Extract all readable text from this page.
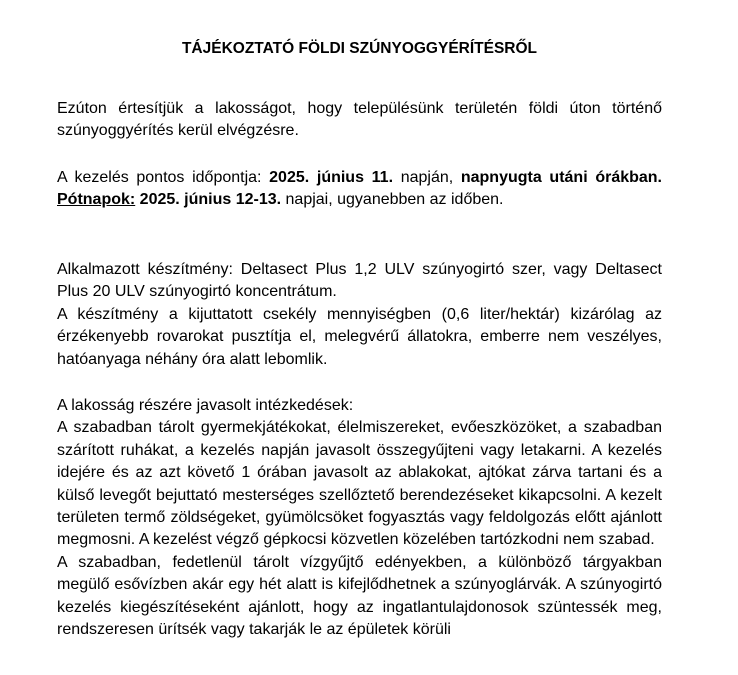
TÁJÉKOZTATÓ FÖLDI SZÚNYOGGYÉRÍTÉSRŐL

Ezúton értesítjük a lakosságot, hogy településünk területén földi úton történő szúnyoggyérítés kerül elvégzésre.

A kezelés pontos időpontja: 2025. június 11. napján, napnyugta utáni órákban. Pótnapok: 2025. június 12-13. napjai, ugyanebben az időben.

Alkalmazott készítmény: Deltasect Plus 1,2 ULV szúnyogirtó szer, vagy Deltasect Plus 20 ULV szúnyogirtó koncentrátum.
A készítmény a kijuttatott csekély mennyiségben (0,6 liter/hektár) kizárólag az érzékenyebb rovarokat pusztítja el, melegvérű állatokra, emberre nem veszélyes, hatóanyaga néhány óra alatt lebomlik.
A lakosság részére javasolt intézkedések:
A szabadban tárolt gyermekjátékokat, élelmiszereket, evőeszközöket, a szabadban szárított ruhákat, a kezelés napján javasolt összegyűjteni vagy letakarni. A kezelés idejére és az azt követő 1 órában javasolt az ablakokat, ajtókat zárva tartani és a külső levegőt bejuttató mesterséges szellőztető berendezéseket kikapcsolni. A kezelt területen termő zöldségeket, gyümölcsöket fogyasztás vagy feldolgozás előtt ajánlott megmosni. A kezelést végző gépkocsi közvetlen közelében tartózkodni nem szabad.
A szabadban, fedetlenül tárolt vízgyűjtő edényekben, a különböző tárgyakban megülő esővízben akár egy hét alatt is kifejlődhetnek a szúnyoglárvák. A szúnyogirtó kezelés kiegészítéseként ajánlott, hogy az ingatlantulajdonosok szüntessék meg, rendszeresen ürítsék vagy takarják le az épületek körüli
